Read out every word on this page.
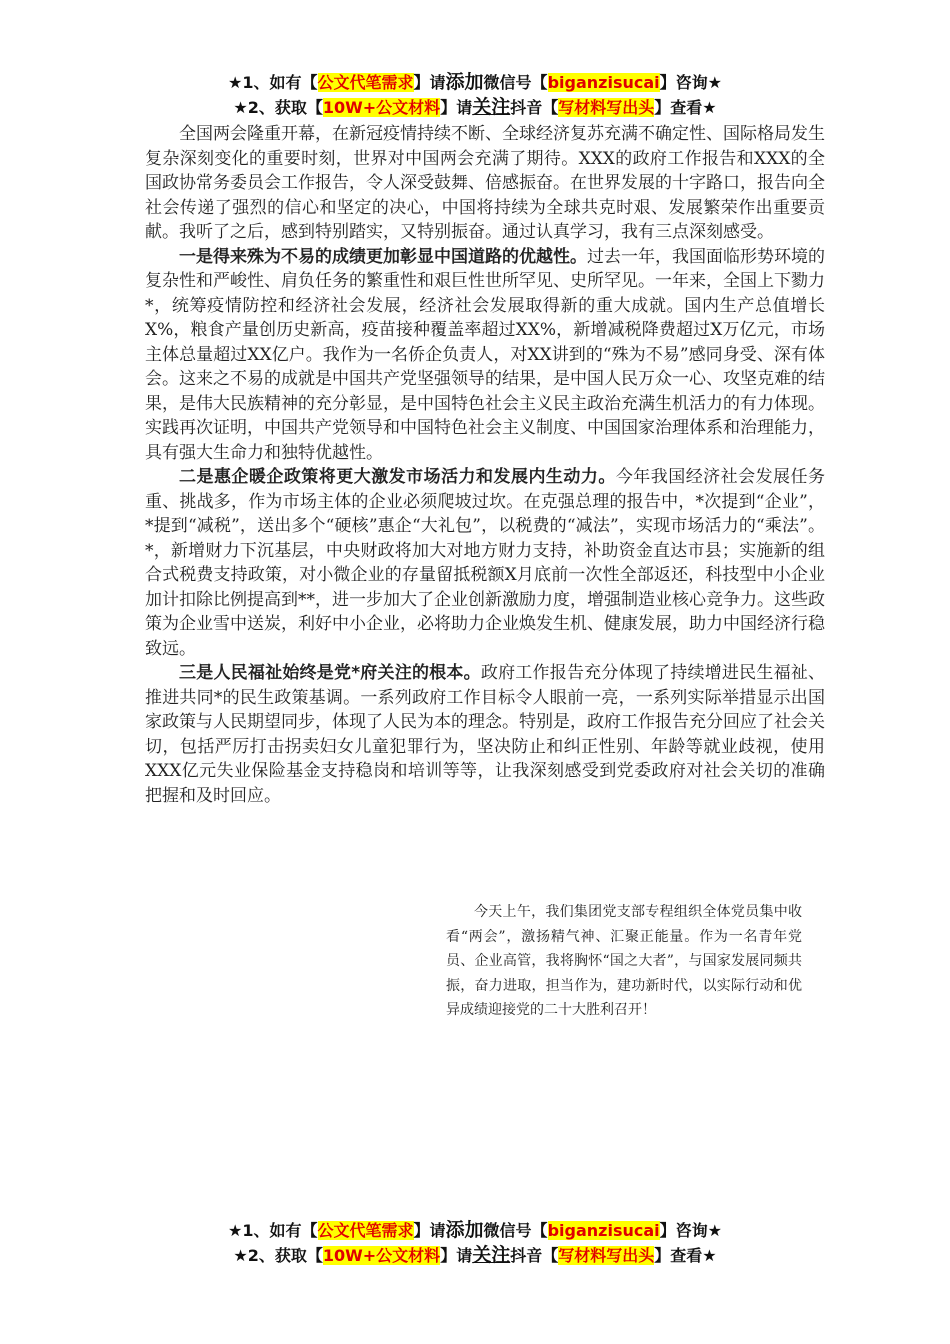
★1、如有【公文代笔需求】请添加微信号【biganzisucai】咨询★
★2、获取【10W+公文材料】请关注抖音【写材料写出头】查看★

全国两会隆重开幕，在新冠疫情持续不断、全球经济复苏充满不确定性、国际格局发生复杂深刻变化的重要时刻，世界对中国两会充满了期待。XXX的政府工作报告和XXX的全国政协常务委员会工作报告，令人深受鼓舞、倍感振奋。在世界发展的十字路口，报告向全社会传递了强烈的信心和坚定的决心，中国将持续为全球共克时艰、发展繁荣作出重要贡献。我听了之后，感到特别踏实，又特别振奋。通过认真学习，我有三点深刻感受。

一是得来殊为不易的成绩更加彰显中国道路的优越性。过去一年，我国面临形势环境的复杂性和严峻性、肩负任务的繁重性和艰巨性世所罕见、史所罕见。一年来，全国上下勠力*，统筹疫情防控和经济社会发展，经济社会发展取得新的重大成就。国内生产总值增长X%，粮食产量创历史新高，疫苗接种覆盖率超过XX%，新增减税降费超过X万亿元，市场主体总量超过XX亿户。我作为一名侨企负责人，对XX讲到的“殊为不易”感同身受、深有体会。这来之不易的成就是中国共产党坚强领导的结果，是中国人民万众一心、攻坚克难的结果，是伟大民族精神的充分彰显，是中国特色社会主义民主政治充满生机活力的有力体现。实践再次证明，中国共产党领导和中国特色社会主义制度、中国国家治理体系和治理能力，具有强大生命力和独特优越性。

二是惠企暖企政策将更大激发市场活力和发展内生动力。今年我国经济社会发展任务重、挑战多，作为市场主体的企业必须爬坡过坎。在克强总理的报告中，*次提到“企业”，*提到“减税”，送出多个“硬核”惠企“大礼包”，以税费的“减法”，实现市场活力的“乘法”。*，新增财力下沉基层，中央财政将加大对地方财力支持，补助资金直达市县；实施新的组合式税费支持政策，对小微企业的存量留抵税额X月底前一次性全部返还，科技型中小企业加计扣除比例提高到**，进一步加大了企业创新激励力度，增强制造业核心竞争力。这些政策为企业雪中送炭，利好中小企业，必将助力企业焕发生机、健康发展，助力中国经济行稳致远。

三是人民福祉始终是党*府关注的根本。政府工作报告充分体现了持续增进民生福祉、推进共同*的民生政策基调。一系列政府工作目标令人眼前一亮，一系列实际举措显示出国家政策与人民期望同步，体现了人民为本的理念。特别是，政府工作报告充分回应了社会关切，包括严厉打击拐卖妇女儿童犯罪行为，坚决防止和纠正性别、年龄等就业歧视，使用XXX亿元失业保险基金支持稳岗和培训等等，让我深刻感受到党委政府对社会关切的准确把握和及时回应。

今天上午，我们集团党支部专程组织全体党员集中收看“两会”，激扬精气神、汇聚正能量。作为一名青年党员、企业高管，我将胸怀“国之大者”，与国家发展同频共振，奋力进取，担当作为，建功新时代，以实际行动和优异成绩迎接党的二十大胜利召开！

★1、如有【公文代笔需求】请添加微信号【biganzisucai】咨询★
★2、获取【10W+公文材料】请关注抖音【写材料写出头】查看★
